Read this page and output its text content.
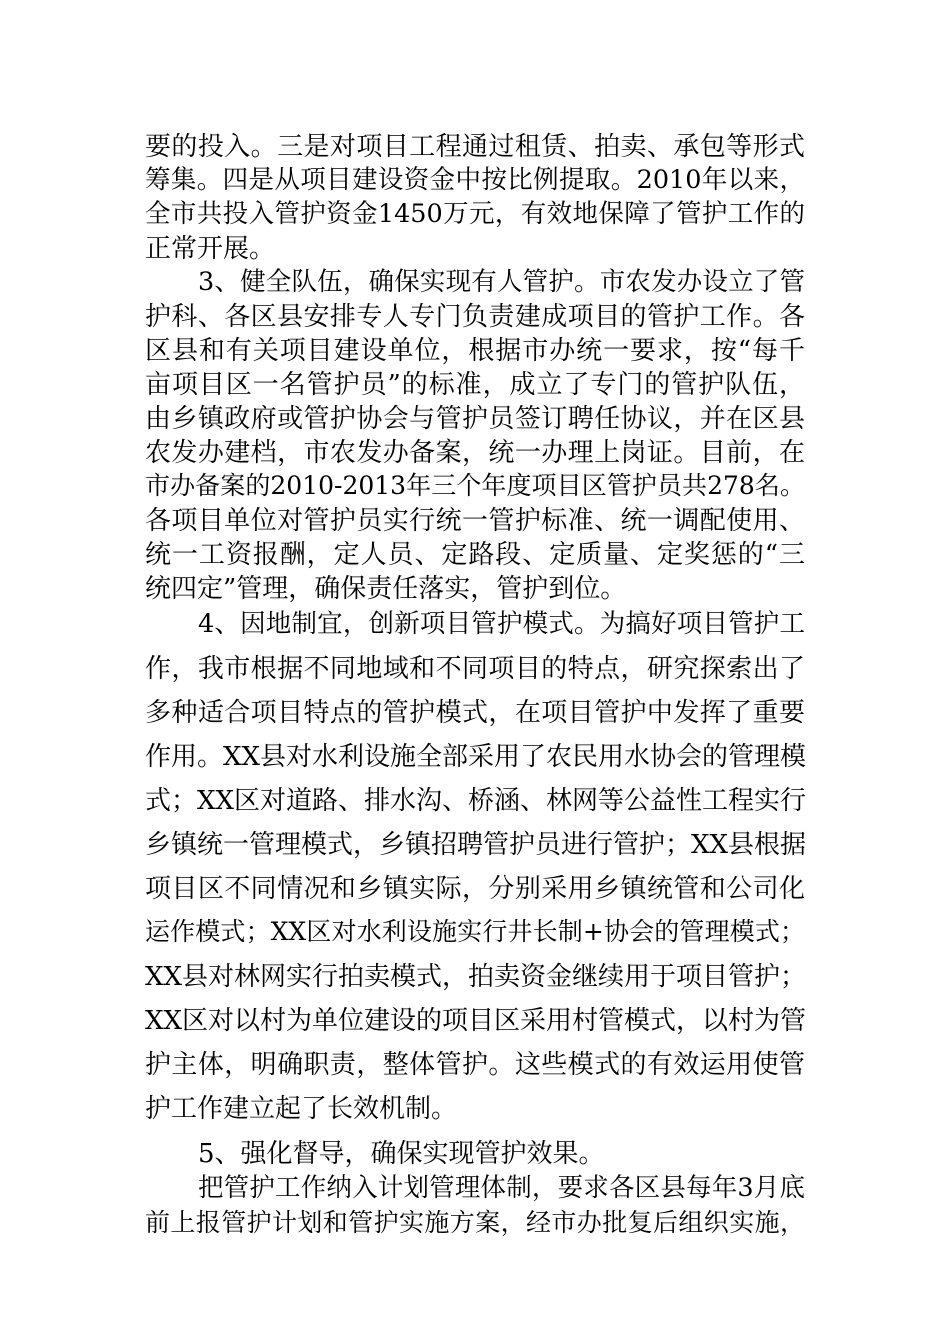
要的投入。三是对项目工程通过租赁、拍卖、承包等形式
筹集。四是从项目建设资金中按比例提取。2010年以来，
全市共投入管护资金1450万元，有效地保障了管护工作的
正常开展。
3、健全队伍，确保实现有人管护。市农发办设立了管
护科、各区县安排专人专门负责建成项目的管护工作。各
区县和有关项目建设单位，根据市办统一要求，按“每千
亩项目区一名管护员”的标准，成立了专门的管护队伍，
由乡镇政府或管护协会与管护员签订聘任协议，并在区县
农发办建档，市农发办备案，统一办理上岗证。目前，在
市办备案的2010-2013年三个年度项目区管护员共278名。
各项目单位对管护员实行统一管护标准、统一调配使用、
统一工资报酬，定人员、定路段、定质量、定奖惩的“三
统四定”管理，确保责任落实，管护到位。
4、因地制宜，创新项目管护模式。为搞好项目管护工
作，我市根据不同地域和不同项目的特点，研究探索出了
多种适合项目特点的管护模式，在项目管护中发挥了重要
作用。XX县对水利设施全部采用了农民用水协会的管理模
式；XX区对道路、排水沟、桥涵、林网等公益性工程实行
乡镇统一管理模式，乡镇招聘管护员进行管护；XX县根据
项目区不同情况和乡镇实际，分别采用乡镇统管和公司化
运作模式；XX区对水利设施实行井长制+协会的管理模式；
XX县对林网实行拍卖模式，拍卖资金继续用于项目管护；
XX区对以村为单位建设的项目区采用村管模式，以村为管
护主体，明确职责，整体管护。这些模式的有效运用使管
护工作建立起了长效机制。
5、强化督导，确保实现管护效果。
把管护工作纳入计划管理体制，要求各区县每年3月底
前上报管护计划和管护实施方案，经市办批复后组织实施，
